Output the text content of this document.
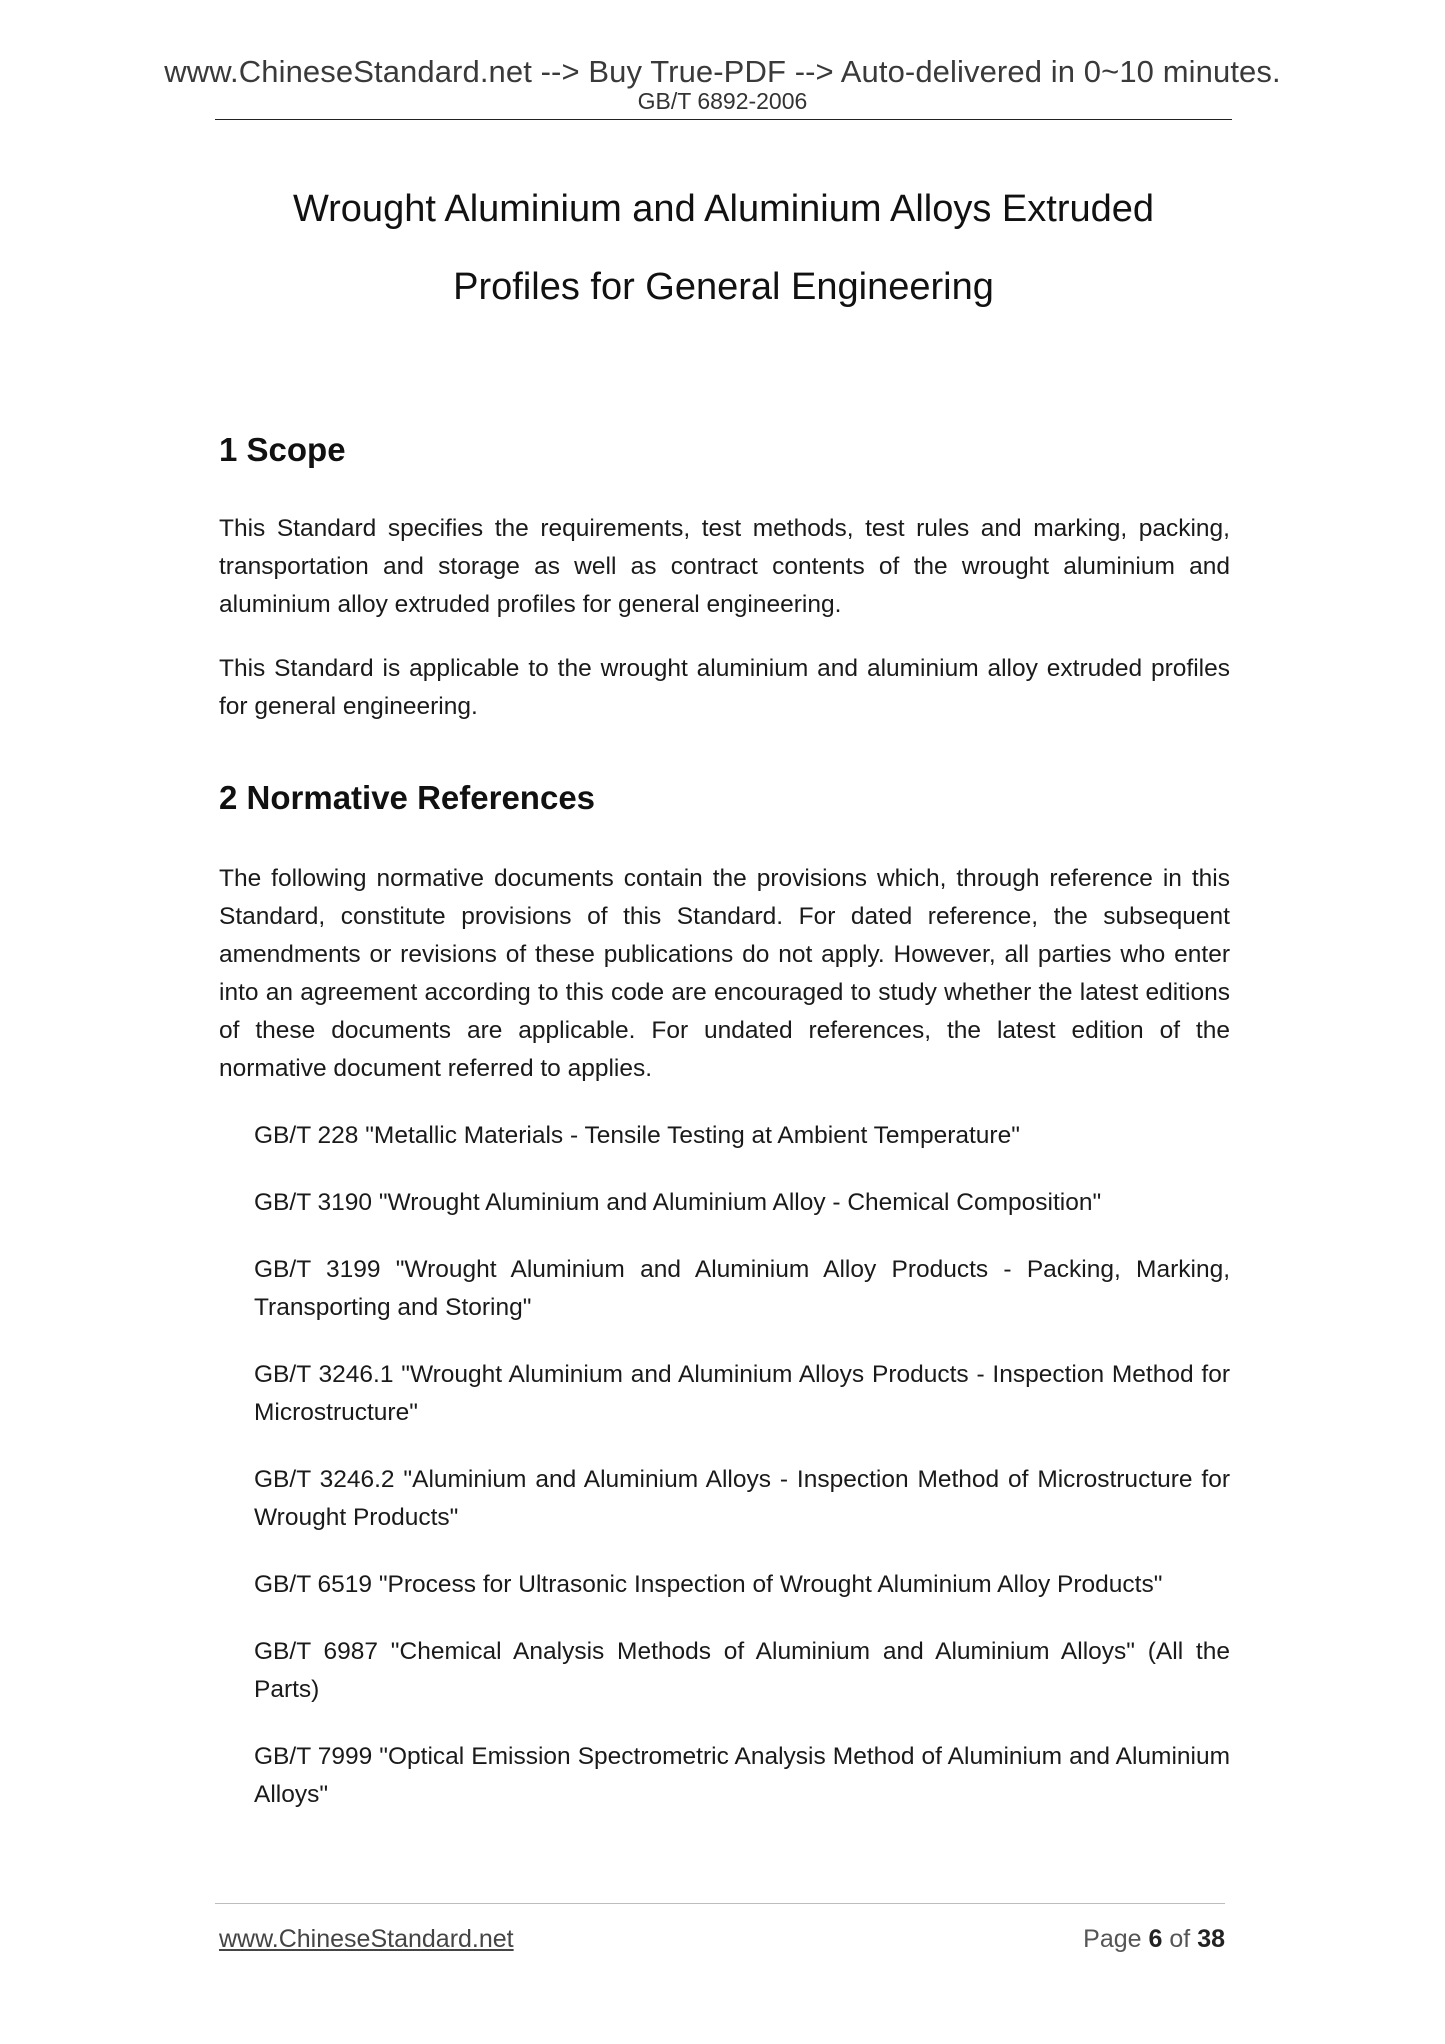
www.ChineseStandard.net --> Buy True-PDF --> Auto-delivered in 0~10 minutes.
GB/T 6892-2006
Wrought Aluminium and Aluminium Alloys Extruded
Profiles for General Engineering
1 Scope

This Standard specifies the requirements, test methods, test rules and marking, packing, transportation and storage as well as contract contents of the wrought aluminium and aluminium alloy extruded profiles for general engineering.

This Standard is applicable to the wrought aluminium and aluminium alloy extruded profiles for general engineering.

2 Normative References

The following normative documents contain the provisions which, through reference in this Standard, constitute provisions of this Standard. For dated reference, the subsequent amendments or revisions of these publications do not apply. However, all parties who enter into an agreement according to this code are encouraged to study whether the latest editions of these documents are applicable. For undated references, the latest edition of the normative document referred to applies.

GB/T 228 "Metallic Materials - Tensile Testing at Ambient Temperature"

GB/T 3190 "Wrought Aluminium and Aluminium Alloy - Chemical Composition"

GB/T 3199 "Wrought Aluminium and Aluminium Alloy Products - Packing, Marking, Transporting and Storing"

GB/T 3246.1 "Wrought Aluminium and Aluminium Alloys Products - Inspection Method for Microstructure"

GB/T 3246.2 "Aluminium and Aluminium Alloys - Inspection Method of Microstructure for Wrought Products"

GB/T 6519 "Process for Ultrasonic Inspection of Wrought Aluminium Alloy Products"

GB/T 6987 "Chemical Analysis Methods of Aluminium and Aluminium Alloys" (All the Parts)

GB/T 7999 "Optical Emission Spectrometric Analysis Method of Aluminium and Aluminium Alloys"

www.ChineseStandard.net	Page 6 of 38
